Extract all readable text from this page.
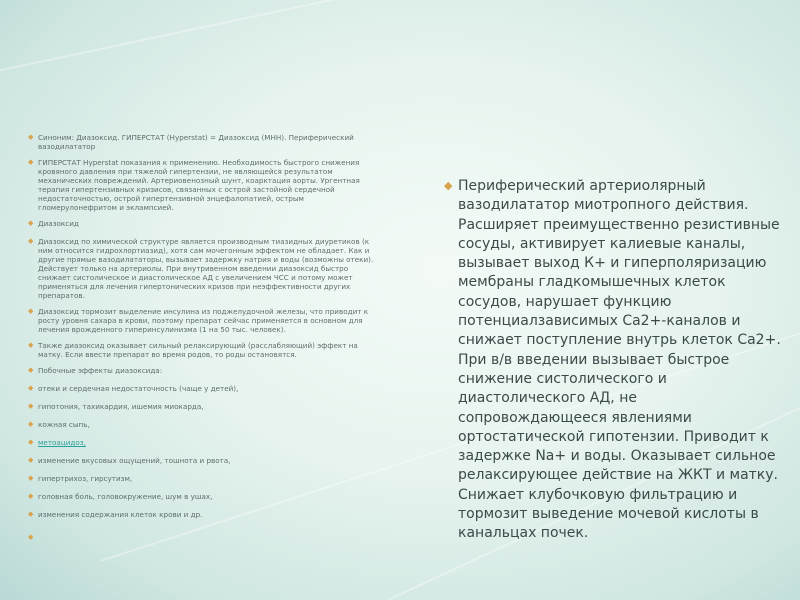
◆ Синоним: Диазоксид. ГИПЕРСТАТ (Hyperstat) = Диазоксид (МНН). Периферический вазодилататор
◆ ГИПЕРСТАТ Hyperstat показания к применению. Необходимость быстрого снижения кровяного давления при тяжелой гипертензии, не являющейся результатом механических повреждений. Артериовенозный шунт, коарктация аорты. Ургентная терапия гипертензивных кризисов, связанных с острой застойной сердечной недостаточностью, острой гипертензивной энцефалопатией, острым гломерулонефритом и эклампсией.
◆ Диазоксид
◆ Диазоксид по химической структуре является производным тиазидных диуретиков (к ним относится гидрохлортиазид), хотя сам мочегонным эффектом не обладает. Как и другие прямые вазодилататоры, вызывает задержку натрия и воды (возможны отеки). Действует только на артериолы. При внутривенном введении диазоксид быстро снижает систолическое и диастолическое АД с увеличением ЧСС и потому может применяться для лечения гипертонических кризов при неэффективности других препаратов.
◆ Диазоксид тормозит выделение инсулина из поджелудочной железы, что приводит к росту уровня сахара в крови, поэтому препарат сейчас применяется в основном для лечения врожденного гиперинсулинизма (1 на 50 тыс. человек).
◆ Также диазоксид оказывает сильный релаксирующий (расслабляющий) эффект на матку. Если ввести препарат во время родов, то роды остановятся.
◆ Побочные эффекты диазоксида:
◆ отеки и сердечная недостаточность (чаще у детей),
◆ гипотония, тахикардия, ишемия миокарда,
◆ кожная сыпь,
◆ метоацидоз,
◆ изменение вкусовых ощущений, тошнота и рвота,
◆ гипертрихоз, гирсутизм,
◆ головная боль, головокружение, шум в ушах,
◆ изменения содержания клеток крови и др.
◆
◆ Периферический артериолярный вазодилататор миотропного действия. Расширяет преимущественно резистивные сосуды, активирует калиевые каналы, вызывает выход К+ и гиперполяризацию мембраны гладкомышечных клеток сосудов, нарушает функцию потенциалзависимых Са2+-каналов и снижает поступление внутрь клеток Са2+. При в/в введении вызывает быстрое снижение систолического и диастолического АД, не сопровождающееся явлениями ортостатической гипотензии. Приводит к задержке Na+ и воды. Оказывает сильное релаксирующее действие на ЖКТ и матку. Снижает клубочковую фильтрацию и тормозит выведение мочевой кислоты в канальцах почек.
